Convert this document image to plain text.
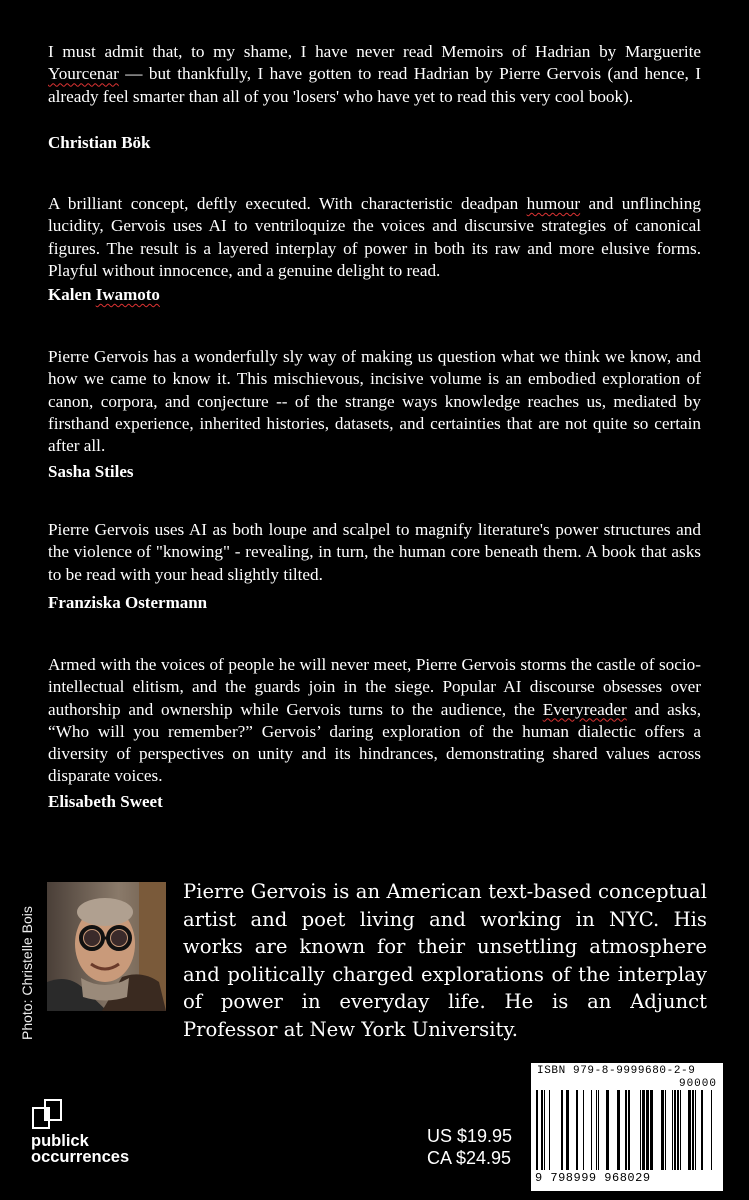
I must admit that, to my shame, I have never read Memoirs of Hadrian by Marguerite Yourcenar — but thankfully, I have gotten to read Hadrian by Pierre Gervois (and hence, I already feel smarter than all of you 'losers' who have yet to read this very cool book).

Christian Bök

A brilliant concept, deftly executed. With characteristic deadpan humour and unflinching lucidity, Gervois uses AI to ventriloquize the voices and discursive strategies of canonical figures. The result is a layered interplay of power in both its raw and more elusive forms. Playful without innocence, and a genuine delight to read.

Kalen Iwamoto

Pierre Gervois has a wonderfully sly way of making us question what we think we know, and how we came to know it. This mischievous, incisive volume is an embodied exploration of canon, corpora, and conjecture -- of the strange ways knowledge reaches us, mediated by firsthand experience, inherited histories, datasets, and certainties that are not quite so certain after all.

Sasha Stiles

Pierre Gervois uses AI as both loupe and scalpel to magnify literature's power structures and the violence of "knowing" - revealing, in turn, the human core beneath them. A book that asks to be read with your head slightly tilted.

Franziska Ostermann

Armed with the voices of people he will never meet, Pierre Gervois storms the castle of socio-intellectual elitism, and the guards join in the siege. Popular AI discourse obsesses over authorship and ownership while Gervois turns to the audience, the Everyreader and asks, “Who will you remember?” Gervois’ daring exploration of the human dialectic offers a diversity of perspectives on unity and its hindrances, demonstrating shared values across disparate voices.

Elisabeth Sweet

Photo: Christelle Bois

Pierre Gervois is an American text-based conceptual artist and poet living and working in NYC. His works are known for their unsettling atmosphere and politically charged explorations of the interplay of power in everyday life. He is an Adjunct Professor at New York University.

publick
occurrences
US $19.95
CA $24.95
ISBN 979-8-9999680-2-9
90000
9 798999 968029
